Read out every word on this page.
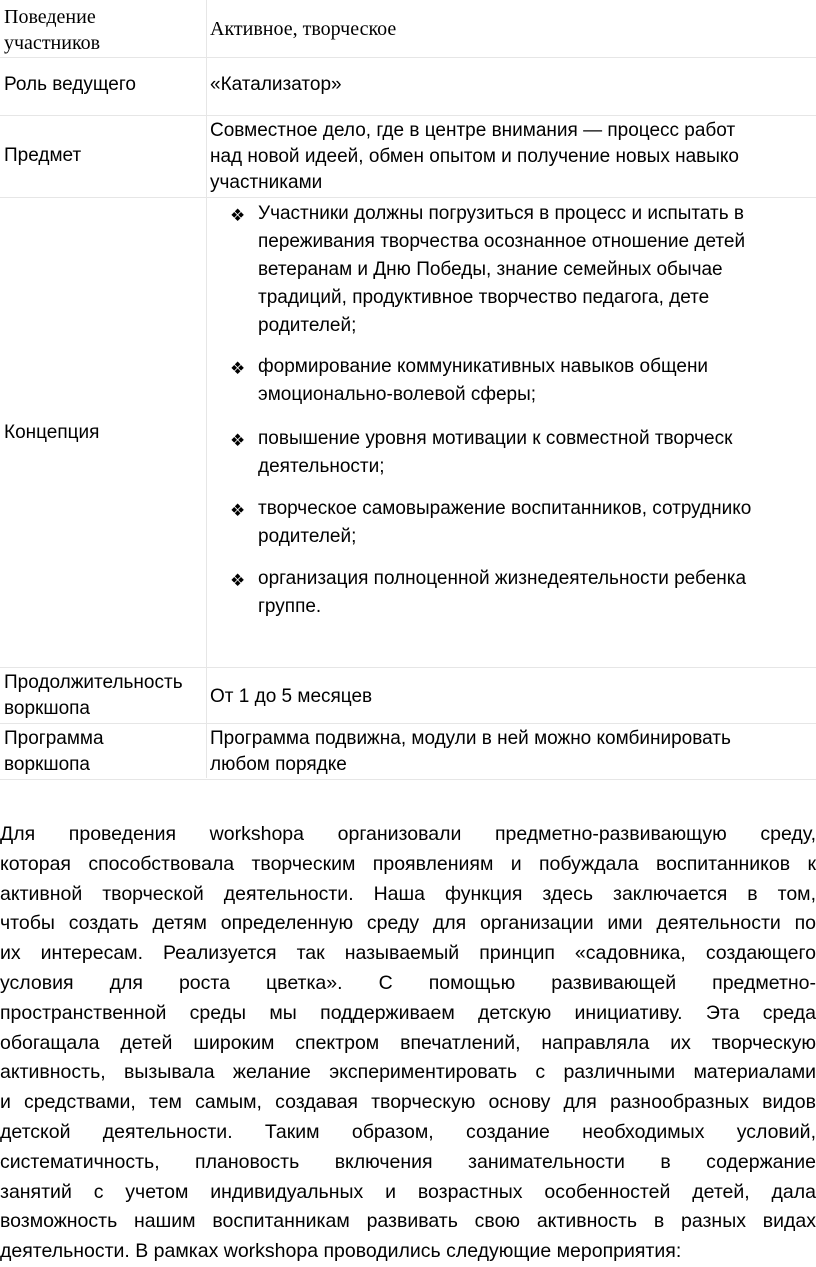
Поведение
участников
Активное, творческое
Роль ведущего	«Катализатор»
Предмет
Совместное дело, где в центре внимания — процесс работ
над новой идеей, обмен опытом и получение новых навыко
участниками
Концепция
❖ Участники должны погрузиться в процесс и испытать в
переживания творчества осознанное отношение детей
ветеранам и Дню Победы, знание семейных обычае
традиций, продуктивное творчество педагога, дете
родителей;
❖ формирование коммуникативных навыков общени
эмоционально-волевой сферы;
❖ повышение уровня мотивации к совместной творческ
деятельности;
❖ творческое самовыражение воспитанников, сотруднико
родителей;
❖ организация полноценной жизнедеятельности ребенка
группе.
Продолжительность
воркшопа
От 1 до 5 месяцев
Программа
воркшопа
Программа подвижна, модули в ней можно комбинировать
любом порядке
Для проведения workshopa организовали предметно-развивающую среду,
которая способствовала творческим проявлениям и побуждала воспитанников к
активной творческой деятельности. Наша функция здесь заключается в том,
чтобы создать детям определенную среду для организации ими деятельности по
их интересам. Реализуется так называемый принцип «садовника, создающего
условия для роста цветка». С помощью развивающей предметно-
пространственной среды мы поддерживаем детскую инициативу. Эта среда
обогащала детей широким спектром впечатлений, направляла их творческую
активность, вызывала желание экспериментировать с различными материалами
и средствами, тем самым, создавая творческую основу для разнообразных видов
детской деятельности. Таким образом, создание необходимых условий,
систематичность, плановость включения занимательности в содержание
занятий с учетом индивидуальных и возрастных особенностей детей, дала
возможность нашим воспитанникам развивать свою активность в разных видах
деятельности. В рамках workshopa проводились следующие мероприятия:
